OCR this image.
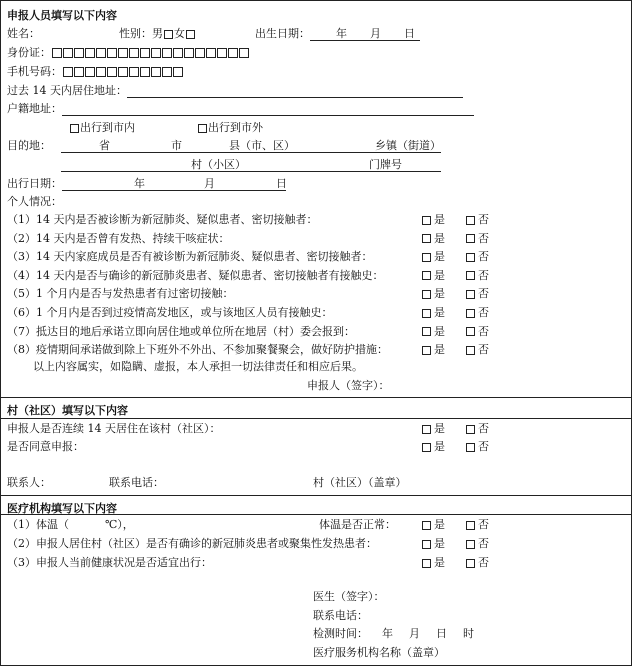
申报人员填写以下内容
姓名：	性别：男 女	出生日期： 年 月 日
身份证：
手机号码：
过去 14 天内居住地址：
户籍地址：
出行到市内	出行到市外
目的地：	省	市	县（市、区）	乡镇（街道）
村（小区）	门牌号
出行日期：	年	月	日
个人情况：
以上内容属实，如隐瞒、虚报，本人承担一切法律责任和相应后果。
申报人（签字）：
（1）14 天内是否被诊断为新冠肺炎、疑似患者、密切接触者：	是	否
（2）14 天内是否曾有发热、持续干咳症状：	是	否
（3）14 天内家庭成员是否有被诊断为新冠肺炎、疑似患者、密切接触者：	是	否
（4）14 天内是否与确诊的新冠肺炎患者、疑似患者、密切接触者有接触史：	是	否
（5）1 个月内是否与发热患者有过密切接触：	是	否
（6）1 个月内是否到过疫情高发地区，或与该地区人员有接触史：	是	否
（7）抵达目的地后承诺立即向居住地或单位所在地居（村）委会报到：	是	否
（8）疫情期间承诺做到除上下班外不外出、不参加聚餐聚会，做好防护措施：	是	否
村（社区）填写以下内容
申报人是否连续 14 天居住在该村（社区）：	是	否
是否同意申报：	是	否
联系人：	联系电话：	村（社区）（盖章）
医疗机构填写以下内容
（1）体温（	℃），	体温是否正常：	是	否
（2）申报人居住村（社区）是否有确诊的新冠肺炎患者或聚集性发热患者：	是	否
（3）申报人当前健康状况是否适宜出行：	是	否
医生（签字）：
联系电话：
检测时间： 年 月 日 时
医疗服务机构名称（盖章）
